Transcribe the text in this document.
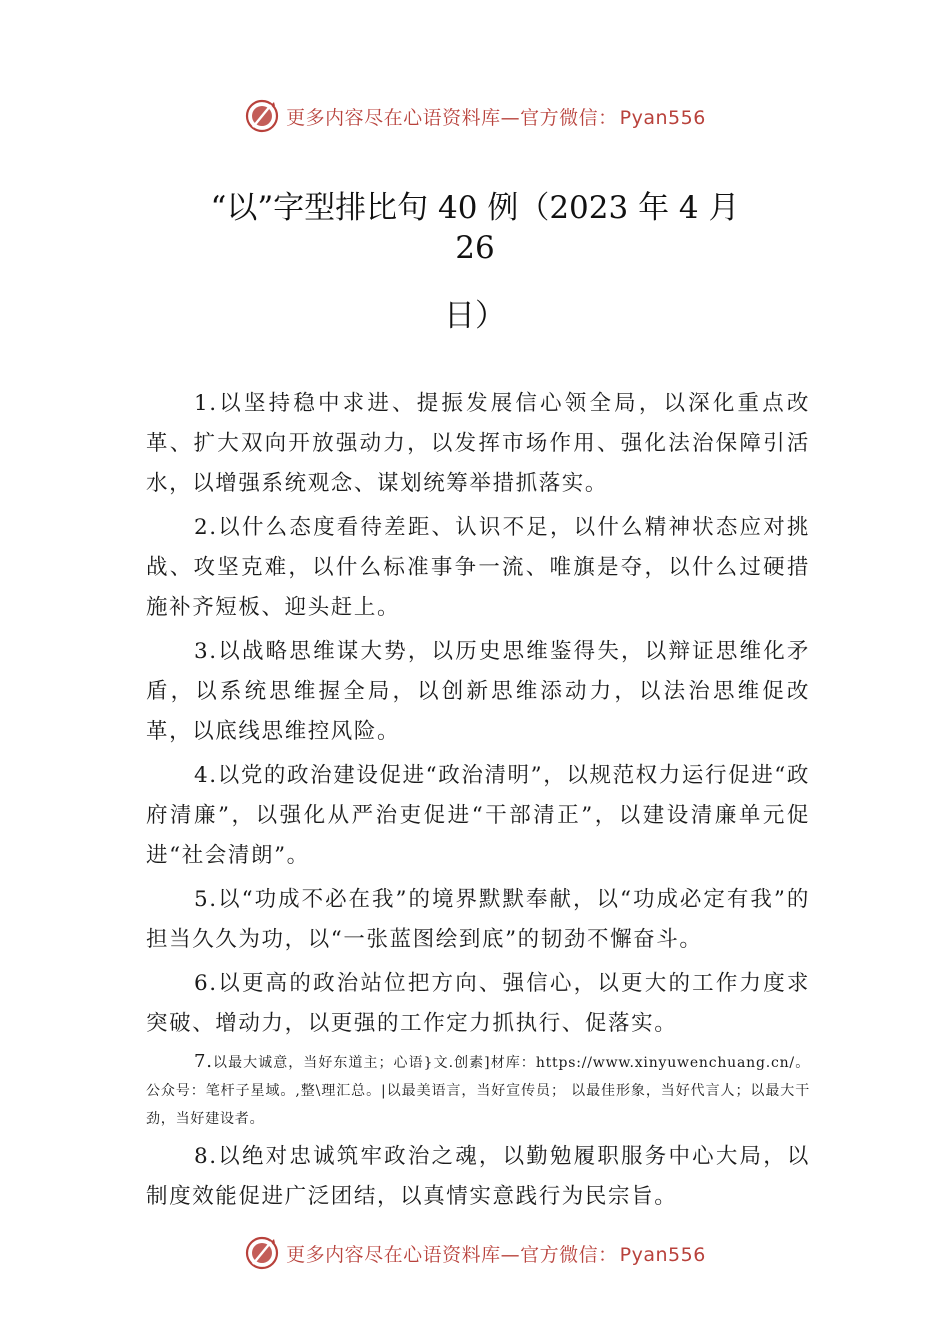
更多内容尽在心语资料库—官方微信： Pyan556
“以”字型排比句 40 例（2023 年 4 月
26
日）

1.以坚持稳中求进、提振发展信心领全局，以深化重点改革、扩大双向开放强动力，以发挥市场作用、强化法治保障引活水，以增强系统观念、谋划统筹举措抓落实。

2.以什么态度看待差距、认识不足，以什么精神状态应对挑战、攻坚克难，以什么标准事争一流、唯旗是夺，以什么过硬措施补齐短板、迎头赶上。

3.以战略思维谋大势，以历史思维鉴得失，以辩证思维化矛盾，以系统思维握全局，以创新思维添动力，以法治思维促改革，以底线思维控风险。

4.以党的政治建设促进“政治清明”，以规范权力运行促进“政府清廉”，以强化从严治吏促进“干部清正”，以建设清廉单元促进“社会清朗”。

5.以“功成不必在我”的境界默默奉献，以“功成必定有我”的担当久久为功，以“一张蓝图绘到底”的韧劲不懈奋斗。

6.以更高的政治站位把方向、强信心，以更大的工作力度求突破、增动力，以更强的工作定力抓执行、促落实。

7.以最大诚意，当好东道主；心语}文.创素]材库：https://www.xinyuwenchuang.cn/。公众号：笔杆子星域。,整\理汇总。|以最美语言，当好宣传员； 以最佳形象，当好代言人；以最大干劲，当好建设者。

8.以绝对忠诚筑牢政治之魂，以勤勉履职服务中心大局，以制度效能促进广泛团结，以真情实意践行为民宗旨。

更多内容尽在心语资料库—官方微信： Pyan556
